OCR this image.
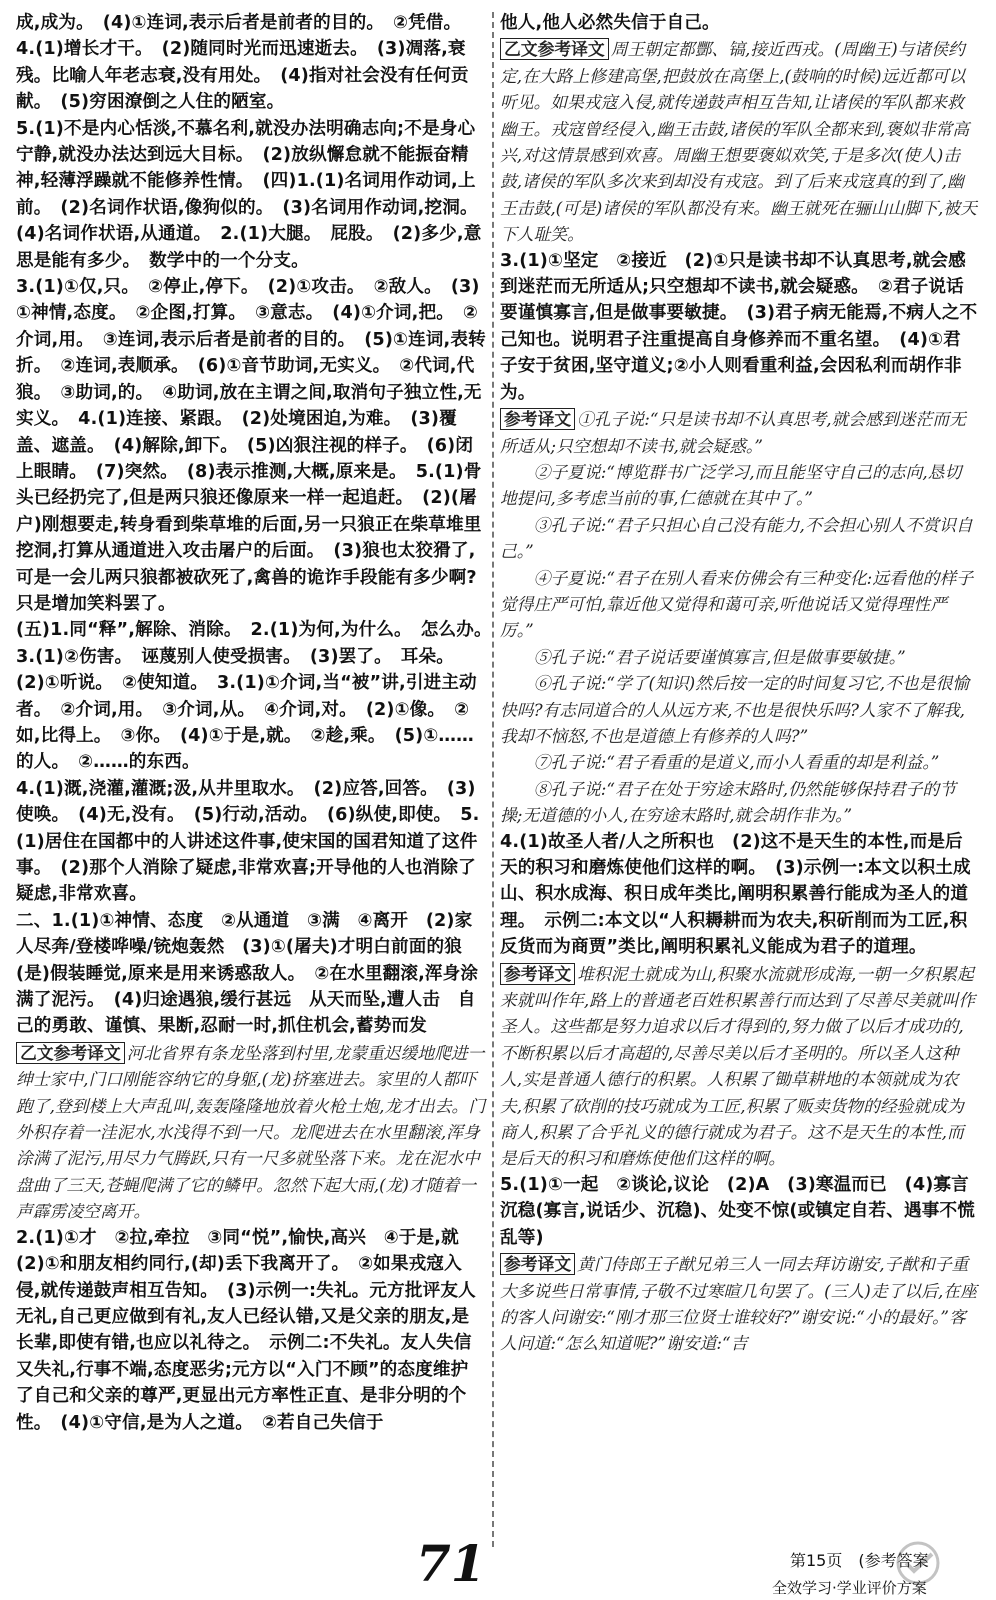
成,成为。　(4)①连词,表示后者是前者的目的。　②凭借。　4.(1)增长才干。　(2)随同时光而迅速逝去。　(3)凋落,衰残。比喻人年老志衰,没有用处。　(4)指对社会没有任何贡献。　(5)穷困潦倒之人住的陋室。

5.(1)不是内心恬淡,不慕名利,就没办法明确志向;不是身心宁静,就没办法达到远大目标。　(2)放纵懈怠就不能振奋精神,轻薄浮躁就不能修养性情。　(四)1.(1)名词用作动词,上前。　(2)名词作状语,像狗似的。　(3)名词用作动词,挖洞。　(4)名词作状语,从通道。　2.(1)大腿。　屁股。　(2)多少,意思是能有多少。　数学中的一个分支。

3.(1)①仅,只。　②停止,停下。　(2)①攻击。　②敌人。　(3)①神情,态度。　②企图,打算。　③意志。　(4)①介词,把。　②介词,用。　③连词,表示后者是前者的目的。　(5)①连词,表转折。　②连词,表顺承。　(6)①音节助词,无实义。　②代词,代狼。　③助词,的。　④助词,放在主谓之间,取消句子独立性,无实义。　4.(1)连接、紧跟。　(2)处境困迫,为难。　(3)覆盖、遮盖。　(4)解除,卸下。　(5)凶狠注视的样子。　(6)闭上眼睛。　(7)突然。　(8)表示推测,大概,原来是。　5.(1)骨头已经扔完了,但是两只狼还像原来一样一起追赶。　(2)(屠户)刚想要走,转身看到柴草堆的后面,另一只狼正在柴草堆里挖洞,打算从通道进入攻击屠户的后面。　(3)狼也太狡猾了,可是一会儿两只狼都被砍死了,禽兽的诡诈手段能有多少啊?只是增加笑料罢了。

(五)1.同“释”,解除、消除。　2.(1)为何,为什么。　怎么办。　3.(1)②伤害。　诬蔑别人使受损害。　(3)罢了。　耳朵。　(2)①听说。　②使知道。　3.(1)①介词,当“被”讲,引进主动者。　②介词,用。　③介词,从。　④介词,对。　(2)①像。　②如,比得上。　③你。　(4)①于是,就。　②趁,乘。　(5)①……的人。　②……的东西。

4.(1)溉,浇灌,灌溉;汲,从井里取水。　(2)应答,回答。　(3)使唤。　(4)无,没有。　(5)行动,活动。　(6)纵使,即使。　5.(1)居住在国都中的人讲述这件事,使宋国的国君知道了这件事。　(2)那个人消除了疑虑,非常欢喜;开导他的人也消除了疑虑,非常欢喜。

二、1.(1)①神情、态度　②从通道　③满　④离开　(2)家人尽奔/登楼哗噪/铳炮轰然　(3)①(屠夫)才明白前面的狼(是)假装睡觉,原来是用来诱惑敌人。　②在水里翻滚,浑身涂满了泥污。　(4)归途遇狼,缓行甚远　从天而坠,遭人击　自己的勇敢、谨慎、果断,忍耐一时,抓住机会,蓄势而发

乙文参考译文 河北省界有条龙坠落到村里,龙蒙重迟缓地爬进一绅士家中,门口刚能容纳它的身躯,(龙)挤塞进去。家里的人都吓跑了,登到楼上大声乱叫,轰轰隆隆地放着火枪土炮,龙才出去。门外积存着一洼泥水,水浅得不到一尺。龙爬进去在水里翻滚,浑身涂满了泥污,用尽力气腾跃,只有一尺多就坠落下来。龙在泥水中盘曲了三天,苍蝇爬满了它的鳞甲。忽然下起大雨,(龙)才随着一声霹雳凌空离开。

2.(1)①才　②拉,牵拉　③同“悦”,愉快,高兴　④于是,就　(2)①和朋友相约同行,(却)丢下我离开了。　②如果戎寇入侵,就传递鼓声相互告知。　(3)示例一:失礼。元方批评友人无礼,自己更应做到有礼,友人已经认错,又是父亲的朋友,是长辈,即使有错,也应以礼待之。　示例二:不失礼。友人失信又失礼,行事不端,态度恶劣;元方以“入门不顾”的态度维护了自己和父亲的尊严,更显出元方率性正直、是非分明的个性。　(4)①守信,是为人之道。　②若自己失信于

他人,他人必然失信于自己。

乙文参考译文 周王朝定都酆、镐,接近西戎。(周幽王)与诸侯约定,在大路上修建高堡,把鼓放在高堡上,(鼓响的时候)远近都可以听见。如果戎寇入侵,就传递鼓声相互告知,让诸侯的军队都来救幽王。戎寇曾经侵入,幽王击鼓,诸侯的军队全都来到,褒姒非常高兴,对这情景感到欢喜。周幽王想要褒姒欢笑,于是多次(使人)击鼓,诸侯的军队多次来到却没有戎寇。到了后来戎寇真的到了,幽王击鼓,(可是)诸侯的军队都没有来。幽王就死在骊山山脚下,被天下人耻笑。

3.(1)①坚定　②接近　(2)①只是读书却不认真思考,就会感到迷茫而无所适从;只空想却不读书,就会疑惑。　②君子说话要谨慎寡言,但是做事要敏捷。　(3)君子病无能焉,不病人之不己知也。说明君子注重提高自身修养而不重名望。　(4)①君子安于贫困,坚守道义;②小人则看重利益,会因私利而胡作非为。

参考译文 ①孔子说:“只是读书却不认真思考,就会感到迷茫而无所适从;只空想却不读书,就会疑惑。”

②子夏说:“博览群书广泛学习,而且能坚守自己的志向,恳切地提问,多考虑当前的事,仁德就在其中了。”

③孔子说:“君子只担心自己没有能力,不会担心别人不赏识自己。”

④子夏说:“君子在别人看来仿佛会有三种变化:远看他的样子觉得庄严可怕,靠近他又觉得和蔼可亲,听他说话又觉得理性严厉。”

⑤孔子说:“君子说话要谨慎寡言,但是做事要敏捷。”

⑥孔子说:“学了(知识)然后按一定的时间复习它,不也是很愉快吗?有志同道合的人从远方来,不也是很快乐吗?人家不了解我,我却不恼怒,不也是道德上有修养的人吗?”

⑦孔子说:“君子看重的是道义,而小人看重的却是利益。”

⑧孔子说:“君子在处于穷途末路时,仍然能够保持君子的节操;无道德的小人,在穷途末路时,就会胡作非为。”

4.(1)故圣人者/人之所积也　(2)这不是天生的本性,而是后天的积习和磨炼使他们这样的啊。　(3)示例一:本文以积土成山、积水成海、积日成年类比,阐明积累善行能成为圣人的道理。　示例二:本文以“人积耨耕而为农夫,积斫削而为工匠,积反货而为商贾”类比,阐明积累礼义能成为君子的道理。

参考译文 堆积泥土就成为山,积聚水流就形成海,一朝一夕积累起来就叫作年,路上的普通老百姓积累善行而达到了尽善尽美就叫作圣人。这些都是努力追求以后才得到的,努力做了以后才成功的,不断积累以后才高超的,尽善尽美以后才圣明的。所以圣人这种人,实是普通人德行的积累。人积累了锄草耕地的本领就成为农夫,积累了砍削的技巧就成为工匠,积累了贩卖货物的经验就成为商人,积累了合乎礼义的德行就成为君子。这不是天生的本性,而是后天的积习和磨炼使他们这样的啊。

5.(1)①一起　②谈论,议论　(2)A　(3)寒温而已　(4)寡言沉稳(寡言,说话少、沉稳)、处变不惊(或镇定自若、遇事不慌乱等)

参考译文 黄门侍郎王子猷兄弟三人一同去拜访谢安,子猷和子重大多说些日常事情,子敬不过寒暄几句罢了。(三人)走了以后,在座的客人问谢安:“刚才那三位贤士谁较好?”谢安说:“小的最好。”客人问道:“怎么知道呢?”谢安道:“吉

71	第15页　(参考答案
全效学习·学业评价方案
